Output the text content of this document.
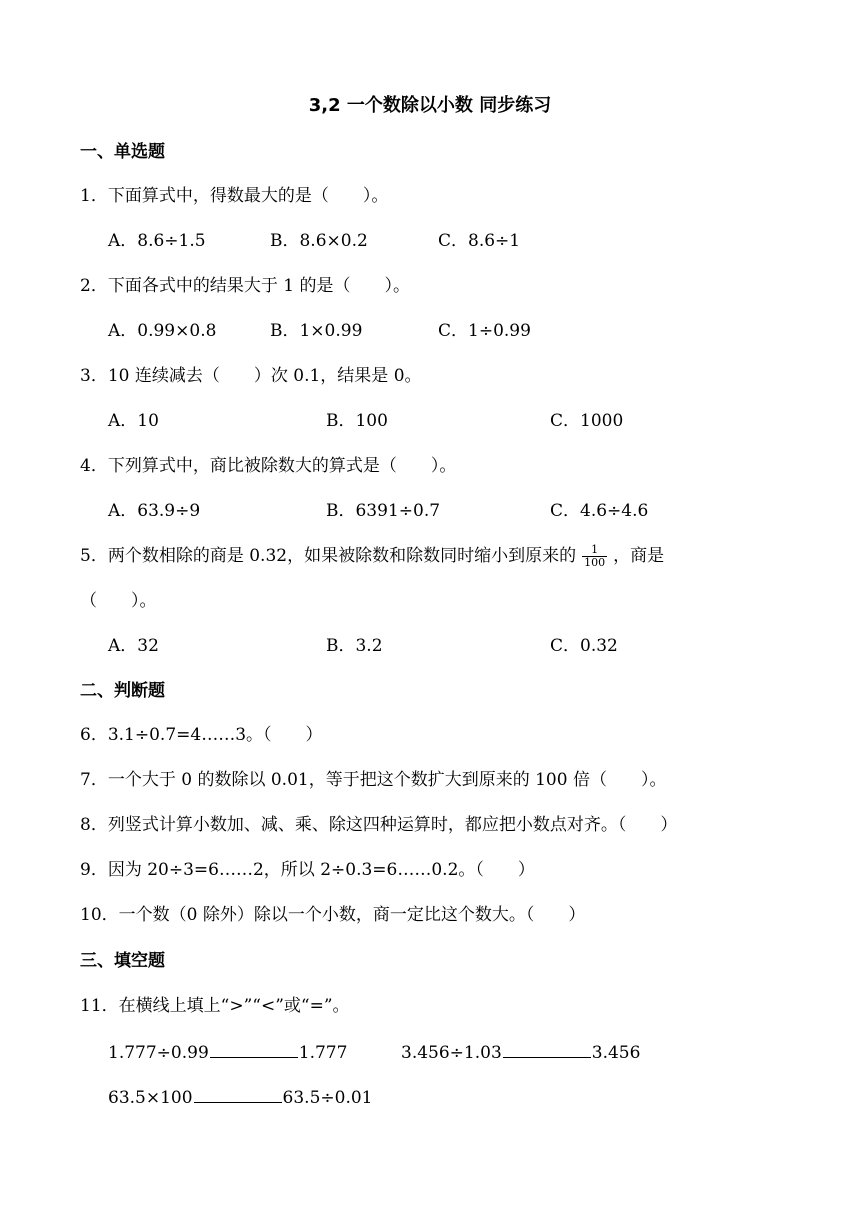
3,2 一个数除以小数 同步练习
一、单选题
1．下面算式中，得数最大的是（　　）。
A．8.6÷1.5	B．8.6×0.2	C．8.6÷1
2．下面各式中的结果大于 1 的是（　　）。
A．0.99×0.8	B．1×0.99	C．1÷0.99
3．10 连续减去（　　）次 0.1，结果是 0。
A．10	B．100	C．1000
4．下列算式中，商比被除数大的算式是（　　）。
A．63.9÷9	B．6391÷0.7	C．4.6÷4.6
5．两个数相除的商是 0.32，如果被除数和除数同时缩小到原来的 $\frac{1}{100}$ ，商是
（　　）。
A．32	B．3.2	C．0.32
二、判断题
6．3.1÷0.7=4……3。（　　）
7．一个大于 0 的数除以 0.01，等于把这个数扩大到原来的 100 倍（　　）。
8．列竖式计算小数加、减、乘、除这四种运算时，都应把小数点对齐。（　　）
9．因为 20÷3=6……2，所以 2÷0.3=6……0.2。（　　）
10．一个数（0 除外）除以一个小数，商一定比这个数大。（　　）
三、填空题
11．在横线上填上“>”“<”或“=”。
1.777÷0.99	1.777	3.456÷1.03	3.456
63.5×100	63.5÷0.01
